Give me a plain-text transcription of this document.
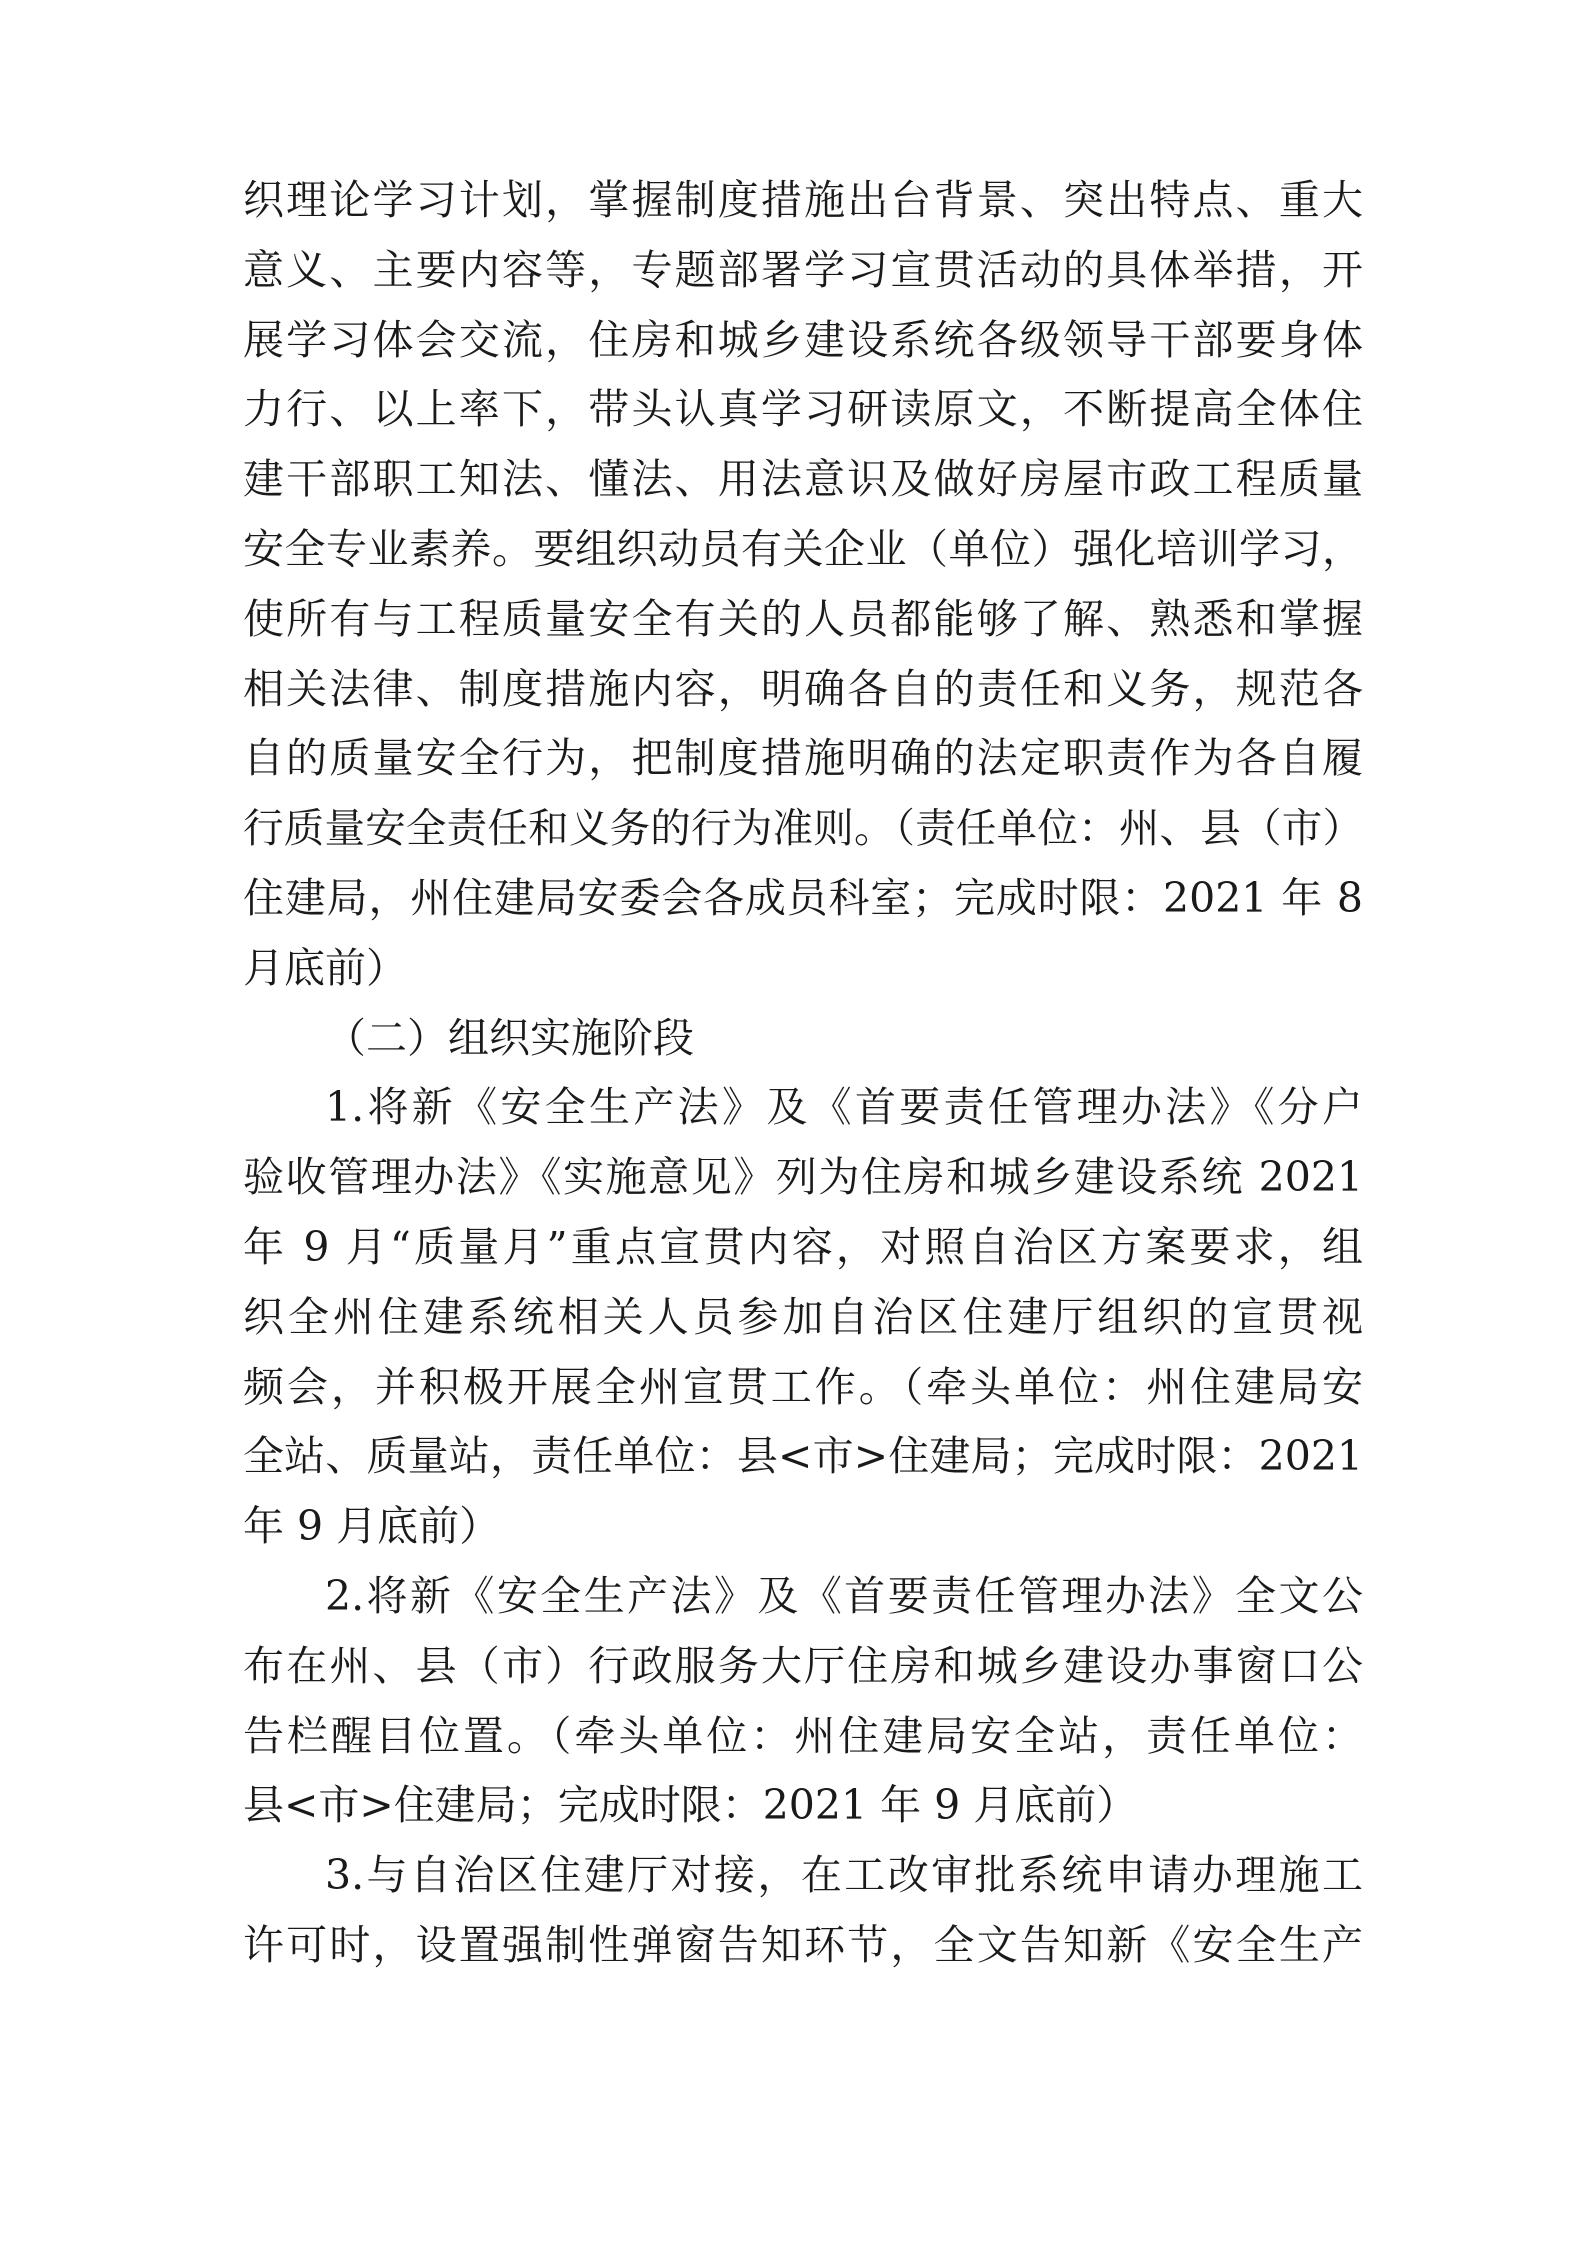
织理论学习计划，掌握制度措施出台背景、突出特点、重大
意义、主要内容等，专题部署学习宣贯活动的具体举措，开
展学习体会交流，住房和城乡建设系统各级领导干部要身体
力行、以上率下，带头认真学习研读原文，不断提高全体住
建干部职工知法、懂法、用法意识及做好房屋市政工程质量
安全专业素养。要组织动员有关企业（单位）强化培训学习，
使所有与工程质量安全有关的人员都能够了解、熟悉和掌握
相关法律、制度措施内容，明确各自的责任和义务，规范各
自的质量安全行为，把制度措施明确的法定职责作为各自履
行质量安全责任和义务的行为准则。（责任单位：州、县（市）
住建局，州住建局安委会各成员科室；完成时限：2021 年 8
月底前）
（二）组织实施阶段
1.将新《安全生产法》及《首要责任管理办法》《分户
验收管理办法》《实施意见》列为住房和城乡建设系统 2021
年 9 月“质量月”重点宣贯内容，对照自治区方案要求，组
织全州住建系统相关人员参加自治区住建厅组织的宣贯视
频会，并积极开展全州宣贯工作。（牵头单位：州住建局安
全站、质量站，责任单位：县<市>住建局；完成时限：2021
年 9 月底前）
2.将新《安全生产法》及《首要责任管理办法》全文公
布在州、县（市）行政服务大厅住房和城乡建设办事窗口公
告栏醒目位置。（牵头单位：州住建局安全站，责任单位：
县<市>住建局；完成时限：2021 年 9 月底前）
3.与自治区住建厅对接，在工改审批系统申请办理施工
许可时，设置强制性弹窗告知环节，全文告知新《安全生产
